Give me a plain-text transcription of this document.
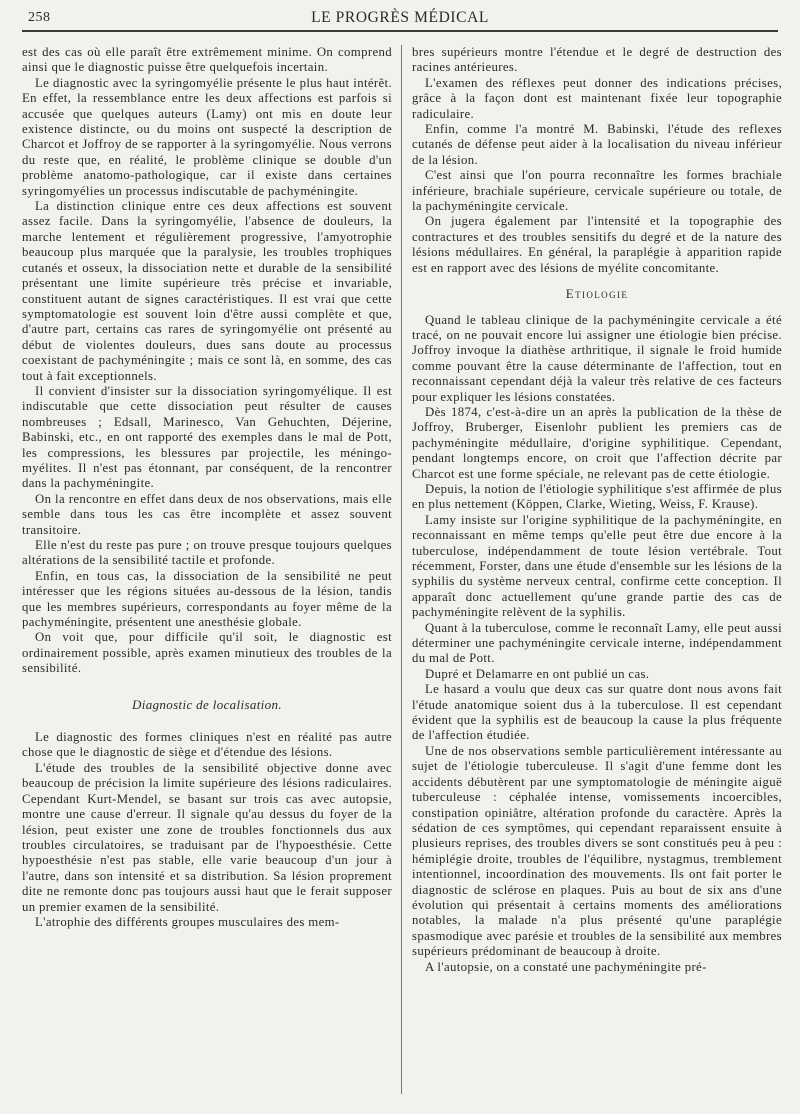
258	LE PROGRÈS MÉDICAL

est des cas où elle paraît être extrêmement minime. On comprend ainsi que le diagnostic puisse être quelquefois incertain.

Le diagnostic avec la syringomyélie présente le plus haut intérêt. En effet, la ressemblance entre les deux affections est parfois si accusée que quelques auteurs (Lamy) ont mis en doute leur existence distincte, ou du moins ont suspecté la description de Charcot et Joffroy de se rapporter à la syringomyélie. Nous verrons du reste que, en réalité, le problème clinique se double d'un problème anatomo-pathologique, car il existe dans certaines syringomyélies un processus indiscutable de pachyméningite.

La distinction clinique entre ces deux affections est souvent assez facile. Dans la syringomyélie, l'absence de douleurs, la marche lentement et régulièrement progressive, l'amyotrophie beaucoup plus marquée que la paralysie, les troubles trophiques cutanés et osseux, la dissociation nette et durable de la sensibilité présentant une limite supérieure très précise et invariable, constituent autant de signes caractéristiques. Il est vrai que cette symptomatologie est souvent loin d'être aussi complète et que, d'autre part, certains cas rares de syringomyélie ont présenté au début de violentes douleurs, dues sans doute au processus coexistant de pachyméningite ; mais ce sont là, en somme, des cas tout à fait exceptionnels.

Il convient d'insister sur la dissociation syringomyélique. Il est indiscutable que cette dissociation peut résulter de causes nombreuses ; Edsall, Marinesco, Van Gehuchten, Déjerine, Babinski, etc., en ont rapporté des exemples dans le mal de Pott, les compressions, les blessures par projectile, les méningo-myélites. Il n'est pas étonnant, par conséquent, de la rencontrer dans la pachyméningite.

On la rencontre en effet dans deux de nos observations, mais elle semble dans tous les cas être incomplète et assez souvent transitoire.

Elle n'est du reste pas pure ; on trouve presque toujours quelques altérations de la sensibilité tactile et profonde.

Enfin, en tous cas, la dissociation de la sensibilité ne peut intéresser que les régions situées au-dessous de la lésion, tandis que les membres supérieurs, correspondants au foyer même de la pachyméningite, présentent une anesthésie globale.

On voit que, pour difficile qu'il soit, le diagnostic est ordinairement possible, après examen minutieux des troubles de la sensibilité.

Diagnostic de localisation.

Le diagnostic des formes cliniques n'est en réalité pas autre chose que le diagnostic de siège et d'étendue des lésions.

L'étude des troubles de la sensibilité objective donne avec beaucoup de précision la limite supérieure des lésions radiculaires. Cependant Kurt-Mendel, se basant sur trois cas avec autopsie, montre une cause d'erreur. Il signale qu'au dessus du foyer de la lésion, peut exister une zone de troubles fonctionnels dus aux troubles circulatoires, se traduisant par de l'hypoesthésie. Cette hypoesthésie n'est pas stable, elle varie beaucoup d'un jour à l'autre, dans son intensité et sa distribution. Sa lésion proprement dite ne remonte donc pas toujours aussi haut que le ferait supposer un premier examen de la sensibilité.

L'atrophie des différents groupes musculaires des mem-

bres supérieurs montre l'étendue et le degré de destruction des racines antérieures.

L'examen des réflexes peut donner des indications précises, grâce à la façon dont est maintenant fixée leur topographie radiculaire.

Enfin, comme l'a montré M. Babinski, l'étude des reflexes cutanés de défense peut aider à la localisation du niveau inférieur de la lésion.

C'est ainsi que l'on pourra reconnaître les formes brachiale inférieure, brachiale supérieure, cervicale supérieure ou totale, de la pachyméningite cervicale.

On jugera également par l'intensité et la topographie des contractures et des troubles sensitifs du degré et de la nature des lésions médullaires. En général, la paraplégie à apparition rapide est en rapport avec des lésions de myélite concomitante.

Etiologie

Quand le tableau clinique de la pachyméningite cervicale a été tracé, on ne pouvait encore lui assigner une étiologie bien précise. Joffroy invoque la diathèse arthritique, il signale le froid humide comme pouvant être la cause déterminante de l'affection, tout en reconnaissant cependant déjà la valeur très relative de ces facteurs pour expliquer les lésions constatées.

Dès 1874, c'est-à-dire un an après la publication de la thèse de Joffroy, Bruberger, Eisenlohr publient les premiers cas de pachyméningite médullaire, d'origine syphilitique. Cependant, pendant longtemps encore, on croit que l'affection décrite par Charcot est une forme spéciale, ne relevant pas de cette étiologie.

Depuis, la notion de l'étiologie syphilitique s'est affirmée de plus en plus nettement (Köppen, Clarke, Wieting, Weiss, F. Krause).

Lamy insiste sur l'origine syphilitique de la pachyméningite, en reconnaissant en même temps qu'elle peut être due encore à la tuberculose, indépendamment de toute lésion vertébrale. Tout récemment, Forster, dans une étude d'ensemble sur les lésions de la syphilis du système nerveux central, confirme cette conception. Il apparaît donc actuellement qu'une grande partie des cas de pachyméningite relèvent de la syphilis.

Quant à la tuberculose, comme le reconnaît Lamy, elle peut aussi déterminer une pachyméningite cervicale interne, indépendamment du mal de Pott.

Dupré et Delamarre en ont publié un cas.

Le hasard a voulu que deux cas sur quatre dont nous avons fait l'étude anatomique soient dus à la tuberculose. Il est cependant évident que la syphilis est de beaucoup la cause la plus fréquente de l'affection étudiée.

Une de nos observations semble particulièrement intéressante au sujet de l'étiologie tuberculeuse. Il s'agit d'une femme dont les accidents débutèrent par une symptomatologie de méningite aiguë tuberculeuse : céphalée intense, vomissements incoercibles, constipation opiniâtre, altération profonde du caractère. Après la sédation de ces symptômes, qui cependant reparaissent ensuite à plusieurs reprises, des troubles divers se sont constitués peu à peu : hémiplégie droite, troubles de l'équilibre, nystagmus, tremblement intentionnel, incoordination des mouvements. Ils ont fait porter le diagnostic de sclérose en plaques. Puis au bout de six ans d'une évolution qui présentait à certains moments des améliorations notables, la malade n'a plus présenté qu'une paraplégie spasmodique avec parésie et troubles de la sensibilité aux membres supérieurs prédominant de beaucoup à droite.

A l'autopsie, on a constaté une pachyméningite pré-
